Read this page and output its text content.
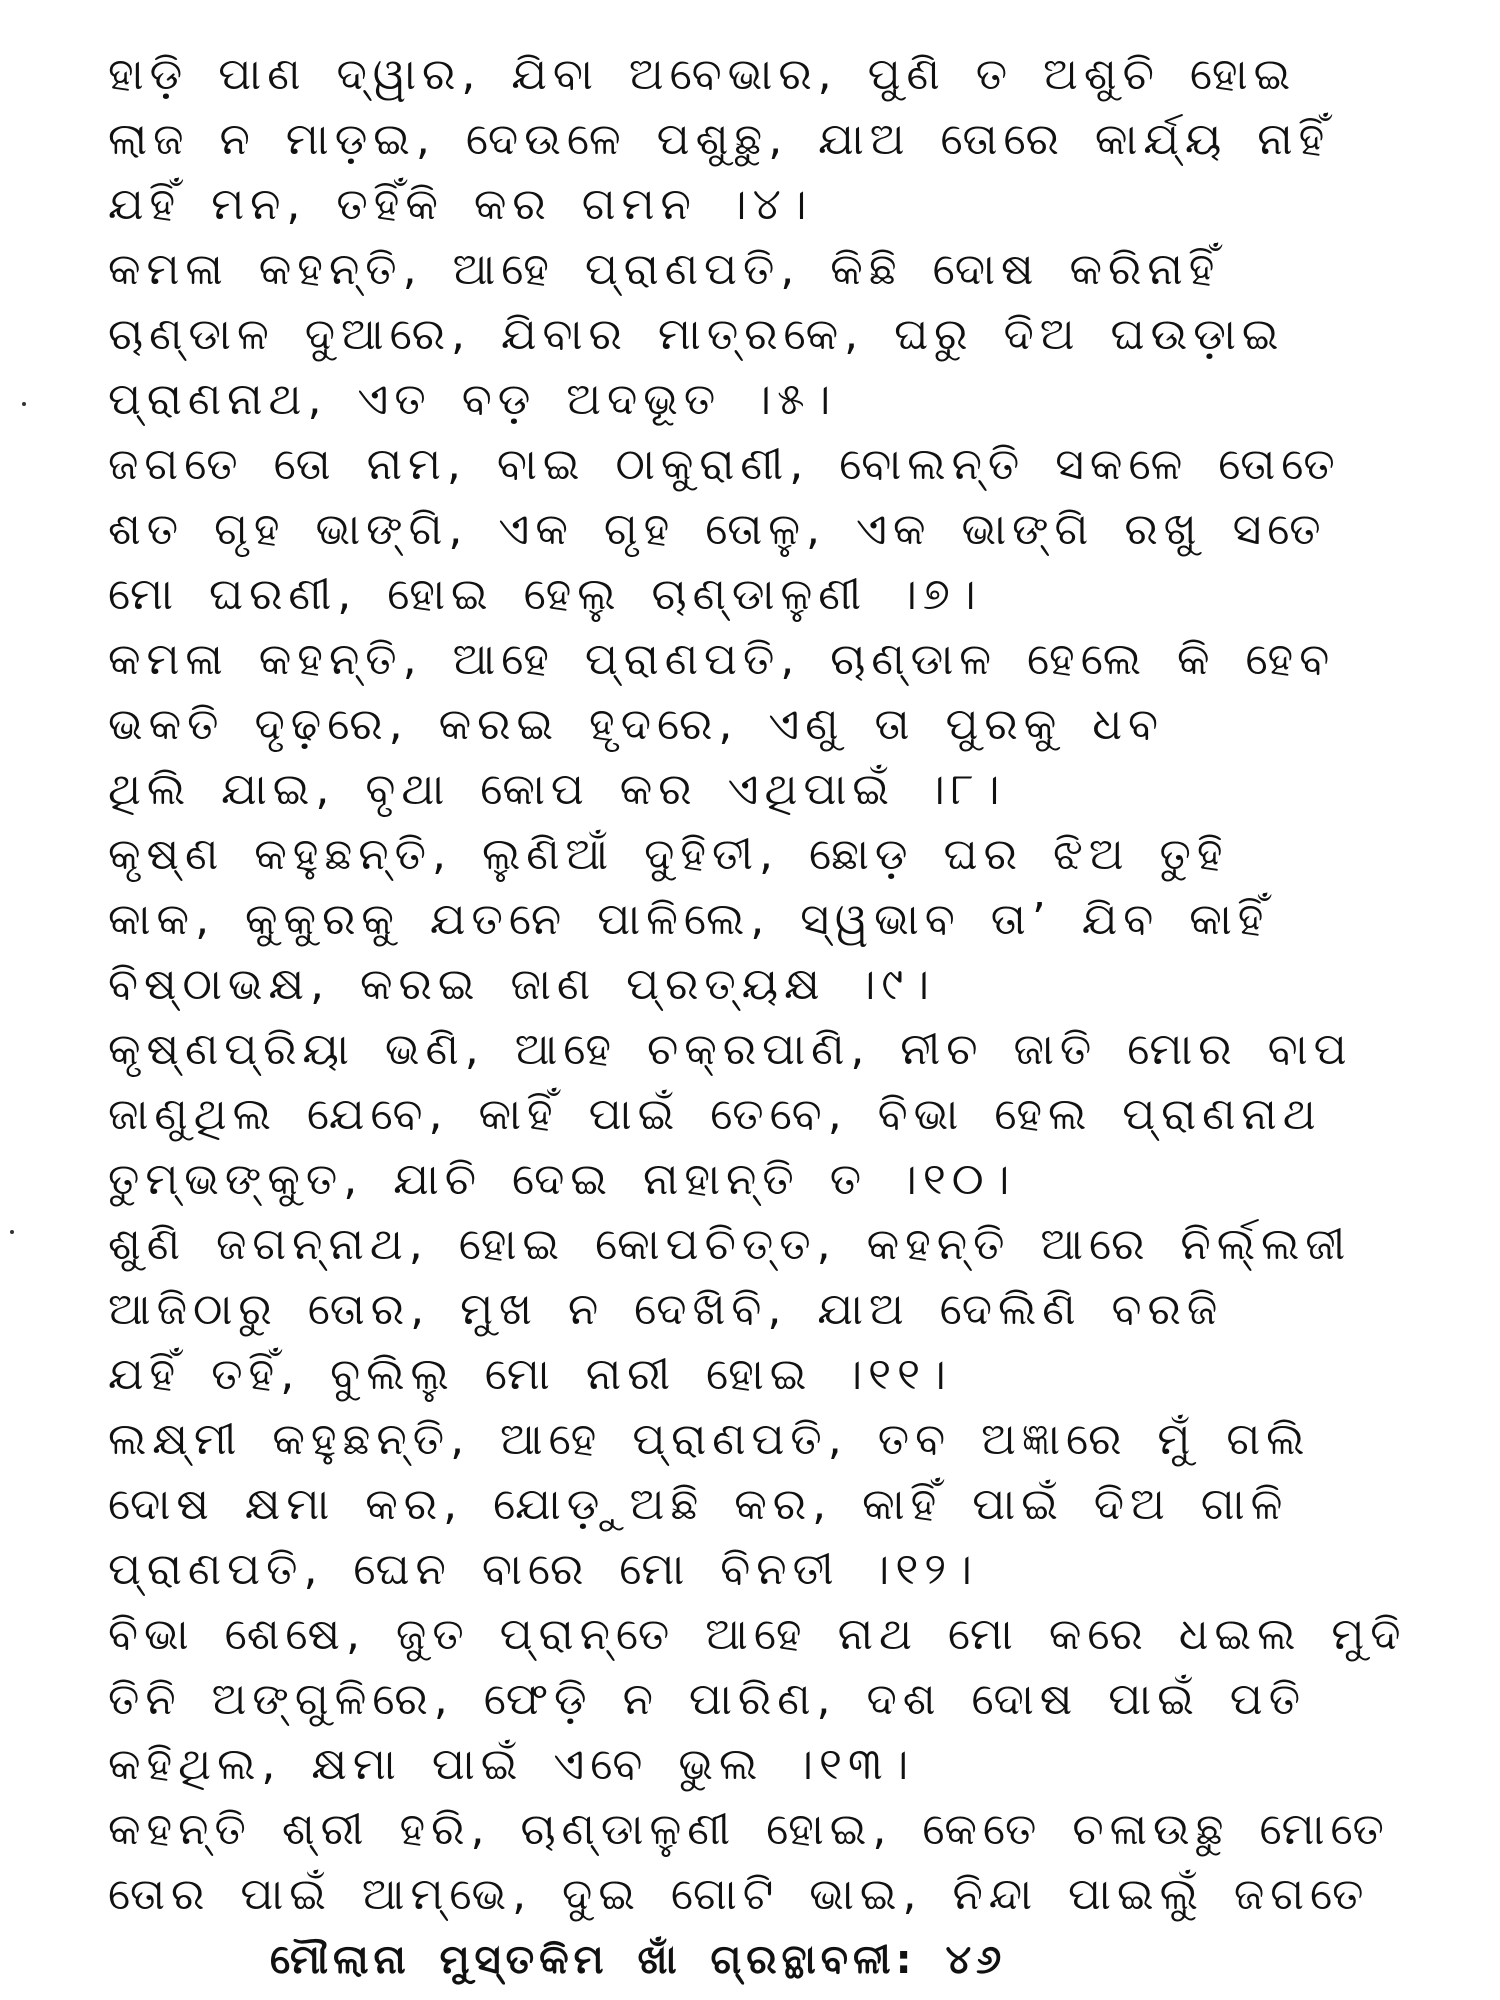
ହାଡ଼ି ପାଣ ଦ୍ୱାର, ଯିବା ଅବେଭାର, ପୁଣି ତ ଅଶୁଚି ହୋଇ
ଲାଜ ନ ମାଡ଼ଇ, ଦେଉଳେ ପଶୁଛୁ, ଯାଅ ତୋରେ କାର୍ଯ୍ୟ ନାହିଁ
ଯହିଁ ମନ, ତହିଁକି କର ଗମନ ।୪।
କମଳା କହନ୍ତି, ଆହେ ପ୍ରାଣପତି, କିଛି ଦୋଷ କରିନାହିଁ
ଚାଣ୍ଡାଳ ଦୁଆରେ, ଯିବାର ମାତ୍ରକେ, ଘରୁ ଦିଅ ଘଉଡ଼ାଇ
ପ୍ରାଣନାଥ, ଏତ ବଡ଼ ଅଦଭୂତ ।୫।
ଜଗତେ ତୋ ନାମ, ବାଇ ଠାକୁରାଣୀ, ବୋଲନ୍ତି ସକଳେ ତୋତେ
ଶତ ଗୃହ ଭାଙ୍ଗି, ଏକ ଗୃହ ତୋଳୁ, ଏକ ଭାଙ୍ଗି ରଖୁ ସତେ
ମୋ ଘରଣୀ, ହୋଇ ହେଲୁ ଚାଣ୍ଡାଳୁଣୀ ।୭।
କମଳା କହନ୍ତି, ଆହେ ପ୍ରାଣପତି, ଚାଣ୍ଡାଳ ହେଲେ କି ହେବ
ଭକତି ଦୃଢ଼ରେ, କରଇ ହୃଦରେ, ଏଣୁ ତା ପୁରକୁ ଧବ
ଥିଲି ଯାଇ, ବୃଥା କୋପ କର ଏଥିପାଇଁ ।୮।
କୃଷ୍ଣ କହୁଛନ୍ତି, ଲୁଣିଆଁ ଦୁହିତୀ, ଛୋଡ଼ ଘର ଝିଅ ତୁହି
କାକ, କୁକୁରକୁ ଯତନେ ପାଳିଲେ, ସ୍ୱଭାବ ତା’ ଯିବ କାହିଁ
ବିଷ୍ଠାଭକ୍ଷ, କରଇ ଜାଣ ପ୍ରତ୍ୟକ୍ଷ ।୯।
କୃଷ୍ଣପ୍ରିୟା ଭଣି, ଆହେ ଚକ୍ରପାଣି, ନୀଚ ଜାତି ମୋର ବାପ
ଜାଣୁଥିଲ ଯେବେ, କାହିଁ ପାଇଁ ତେବେ, ବିଭା ହେଲ ପ୍ରାଣନାଥ
ତୁମ୍ଭଙ୍କୁତ, ଯାଚି ଦେଇ ନାହାନ୍ତି ତ ।୧୦।
ଶୁଣି ଜଗନ୍ନାଥ, ହୋଇ କୋପଚିତ୍ତ, କହନ୍ତି ଆରେ ନିର୍ଲ୍ଲଜୀ
ଆଜିଠାରୁ ତୋର, ମୁଖ ନ ଦେଖିବି, ଯାଅ ଦେଲିଣି ବରଜି
ଯହିଁ ତହିଁ, ବୁଲିଲୁ ମୋ ନାରୀ ହୋଇ ।୧୧।
ଲକ୍ଷ୍ମୀ କହୁଛନ୍ତି, ଆହେ ପ୍ରାଣପତି, ତବ ଅଜ୍ଞାରେ ମୁଁ ଗଲି
ଦୋଷ କ୍ଷମା କର, ଯୋଡ଼ୁଅଛି କର, କାହିଁ ପାଇଁ ଦିଅ ଗାଳି
ପ୍ରାଣପତି, ଘେନ ବାରେ ମୋ ବିନତୀ ।୧୨।
ବିଭା ଶେଷେ, ଜୁତ ପ୍ରାନ୍ତେ ଆହେ ନାଥ ମୋ କରେ ଧଇଲ ମୁଦି
ତିନି ଅଙ୍ଗୁଳିରେ, ଫେଡ଼ି ନ ପାରିଣ, ଦଶ ଦୋଷ ପାଇଁ ପତି
କହିଥିଲ, କ୍ଷମା ପାଇଁ ଏବେ ଭୁଲ ।୧୩।
କହନ୍ତି ଶ୍ରୀ ହରି, ଚାଣ୍ଡାଳୁଣୀ ହୋଇ, କେତେ ଚଳାଉଛୁ ମୋତେ
ତୋର ପାଇଁ ଆମ୍ଭେ, ଦୁଇ ଗୋଟି ଭାଇ, ନିନ୍ଦା ପାଇଲୁଁ ଜଗତେ
ମୌଲାନା ମୁସ୍ତକିମ ଖାଁ ଗ୍ରନ୍ଥାବଳୀ: ୪୬
